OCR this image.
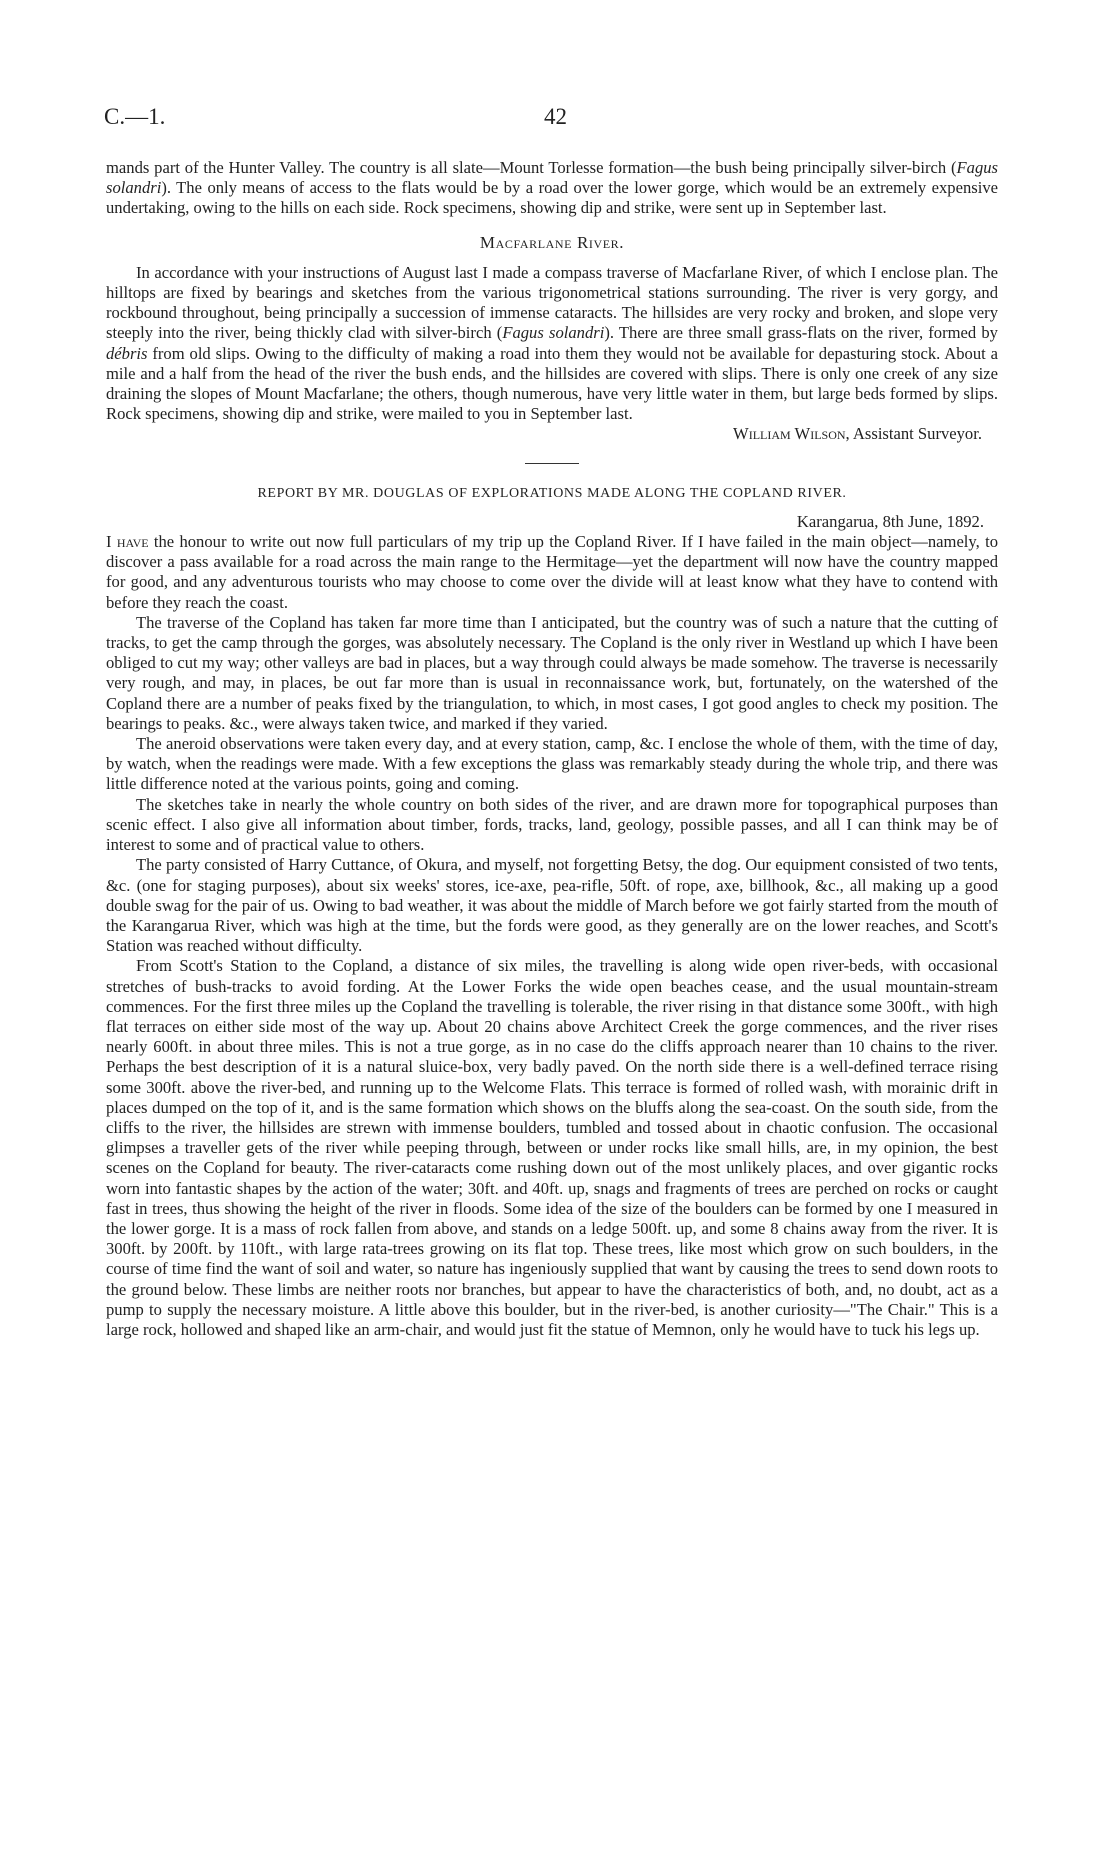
C.—1.	42

mands part of the Hunter Valley. The country is all slate—Mount Torlesse formation—the bush being principally silver-birch (Fagus solandri). The only means of access to the flats would be by a road over the lower gorge, which would be an extremely expensive undertaking, owing to the hills on each side. Rock specimens, showing dip and strike, were sent up in September last.

Macfarlane River.

In accordance with your instructions of August last I made a compass traverse of Macfarlane River, of which I enclose plan. The hilltops are fixed by bearings and sketches from the various trigonometrical stations surrounding. The river is very gorgy, and rockbound throughout, being principally a succession of immense cataracts. The hillsides are very rocky and broken, and slope very steeply into the river, being thickly clad with silver-birch (Fagus solandri). There are three small grass-flats on the river, formed by débris from old slips. Owing to the difficulty of making a road into them they would not be available for depasturing stock. About a mile and a half from the head of the river the bush ends, and the hillsides are covered with slips. There is only one creek of any size draining the slopes of Mount Macfarlane; the others, though numerous, have very little water in them, but large beds formed by slips. Rock specimens, showing dip and strike, were mailed to you in September last.

William Wilson, Assistant Surveyor.

REPORT BY MR. DOUGLAS OF EXPLORATIONS MADE ALONG THE COPLAND RIVER.

Karangarua, 8th June, 1892.

I have the honour to write out now full particulars of my trip up the Copland River. If I have failed in the main object—namely, to discover a pass available for a road across the main range to the Hermitage—yet the department will now have the country mapped for good, and any adventurous tourists who may choose to come over the divide will at least know what they have to contend with before they reach the coast.

The traverse of the Copland has taken far more time than I anticipated, but the country was of such a nature that the cutting of tracks, to get the camp through the gorges, was absolutely necessary. The Copland is the only river in Westland up which I have been obliged to cut my way; other valleys are bad in places, but a way through could always be made somehow. The traverse is necessarily very rough, and may, in places, be out far more than is usual in reconnaissance work, but, fortunately, on the watershed of the Copland there are a number of peaks fixed by the triangulation, to which, in most cases, I got good angles to check my position. The bearings to peaks. &c., were always taken twice, and marked if they varied.

The aneroid observations were taken every day, and at every station, camp, &c. I enclose the whole of them, with the time of day, by watch, when the readings were made. With a few exceptions the glass was remarkably steady during the whole trip, and there was little difference noted at the various points, going and coming.

The sketches take in nearly the whole country on both sides of the river, and are drawn more for topographical purposes than scenic effect. I also give all information about timber, fords, tracks, land, geology, possible passes, and all I can think may be of interest to some and of practical value to others.

The party consisted of Harry Cuttance, of Okura, and myself, not forgetting Betsy, the dog. Our equipment consisted of two tents, &c. (one for staging purposes), about six weeks' stores, ice-axe, pea-rifle, 50ft. of rope, axe, billhook, &c., all making up a good double swag for the pair of us. Owing to bad weather, it was about the middle of March before we got fairly started from the mouth of the Karangarua River, which was high at the time, but the fords were good, as they generally are on the lower reaches, and Scott's Station was reached without difficulty.

From Scott's Station to the Copland, a distance of six miles, the travelling is along wide open river-beds, with occasional stretches of bush-tracks to avoid fording. At the Lower Forks the wide open beaches cease, and the usual mountain-stream commences. For the first three miles up the Copland the travelling is tolerable, the river rising in that distance some 300ft., with high flat terraces on either side most of the way up. About 20 chains above Architect Creek the gorge commences, and the river rises nearly 600ft. in about three miles. This is not a true gorge, as in no case do the cliffs approach nearer than 10 chains to the river. Perhaps the best description of it is a natural sluice-box, very badly paved. On the north side there is a well-defined terrace rising some 300ft. above the river-bed, and running up to the Welcome Flats. This terrace is formed of rolled wash, with morainic drift in places dumped on the top of it, and is the same formation which shows on the bluffs along the sea-coast. On the south side, from the cliffs to the river, the hillsides are strewn with immense boulders, tumbled and tossed about in chaotic confusion. The occasional glimpses a traveller gets of the river while peeping through, between or under rocks like small hills, are, in my opinion, the best scenes on the Copland for beauty. The river-cataracts come rushing down out of the most unlikely places, and over gigantic rocks worn into fantastic shapes by the action of the water; 30ft. and 40ft. up, snags and fragments of trees are perched on rocks or caught fast in trees, thus showing the height of the river in floods. Some idea of the size of the boulders can be formed by one I measured in the lower gorge. It is a mass of rock fallen from above, and stands on a ledge 500ft. up, and some 8 chains away from the river. It is 300ft. by 200ft. by 110ft., with large rata-trees growing on its flat top. These trees, like most which grow on such boulders, in the course of time find the want of soil and water, so nature has ingeniously supplied that want by causing the trees to send down roots to the ground below. These limbs are neither roots nor branches, but appear to have the characteristics of both, and, no doubt, act as a pump to supply the necessary moisture. A little above this boulder, but in the river-bed, is another curiosity—"The Chair." This is a large rock, hollowed and shaped like an arm-chair, and would just fit the statue of Memnon, only he would have to tuck his legs up.
